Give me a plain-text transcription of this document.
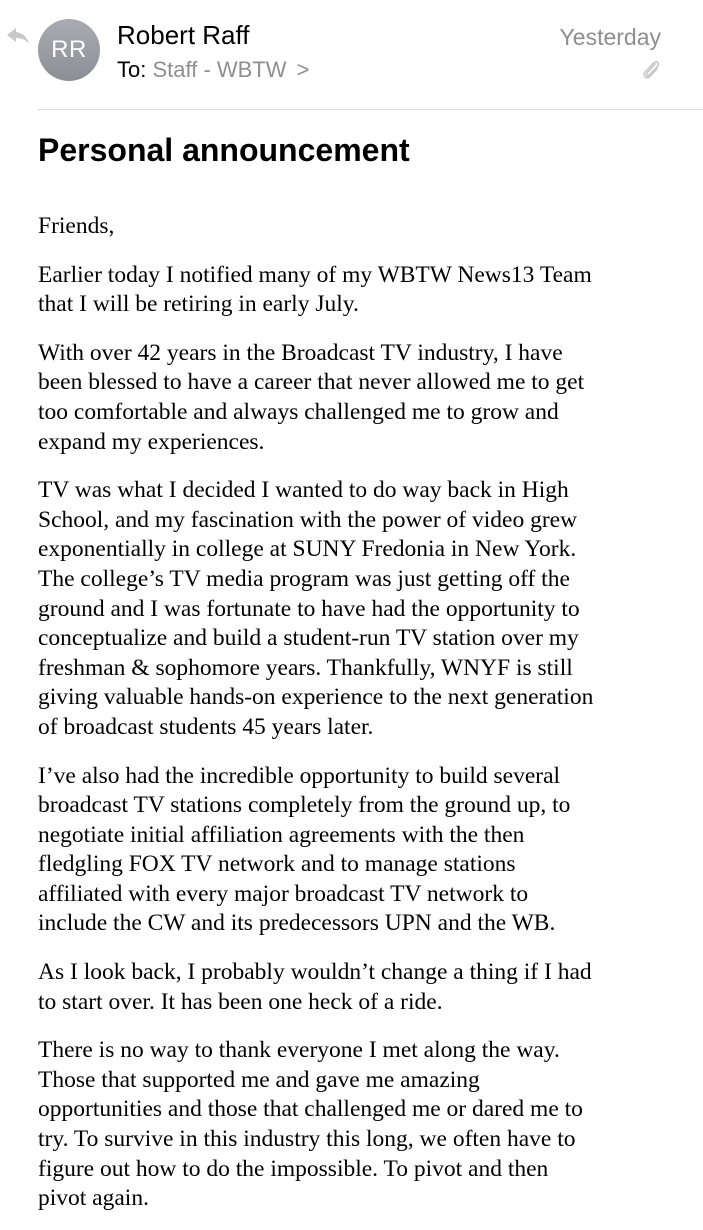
RR	Robert Raff
To: Staff - WBTW >
Yesterday
Personal announcement

Friends,

Earlier today I notified many of my WBTW News13 Team
that I will be retiring in early July.

With over 42 years in the Broadcast TV industry, I have
been blessed to have a career that never allowed me to get
too comfortable and always challenged me to grow and
expand my experiences.

TV was what I decided I wanted to do way back in High
School, and my fascination with the power of video grew
exponentially in college at SUNY Fredonia in New York.
The college’s TV media program was just getting off the
ground and I was fortunate to have had the opportunity to
conceptualize and build a student-run TV station over my
freshman & sophomore years. Thankfully, WNYF is still
giving valuable hands-on experience to the next generation
of broadcast students 45 years later.

I’ve also had the incredible opportunity to build several
broadcast TV stations completely from the ground up, to
negotiate initial affiliation agreements with the then
fledgling FOX TV network and to manage stations
affiliated with every major broadcast TV network to
include the CW and its predecessors UPN and the WB.

As I look back, I probably wouldn’t change a thing if I had
to start over. It has been one heck of a ride.

There is no way to thank everyone I met along the way.
Those that supported me and gave me amazing
opportunities and those that challenged me or dared me to
try. To survive in this industry this long, we often have to
figure out how to do the impossible. To pivot and then
pivot again.
